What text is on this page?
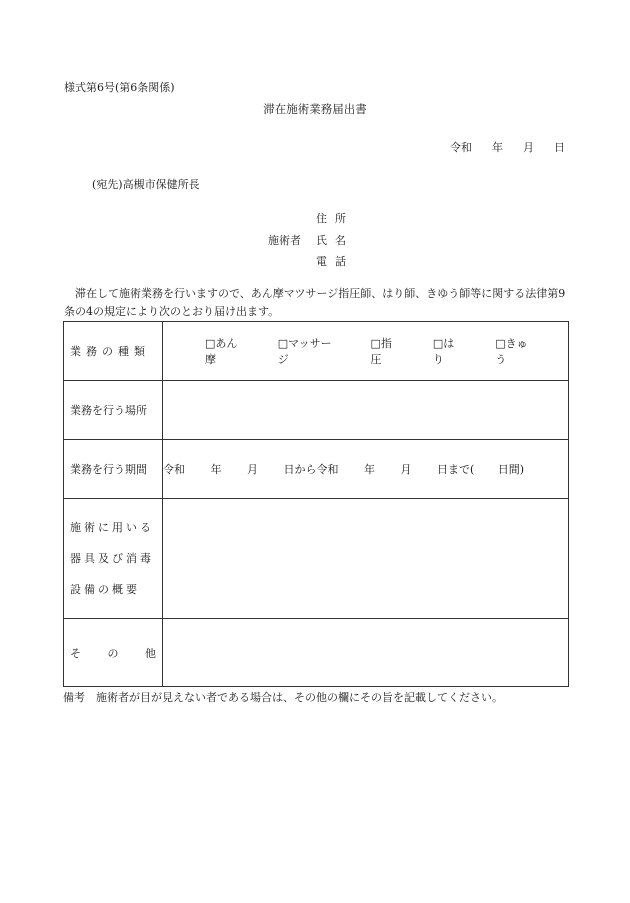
様式第6号(第6条関係)
滞在施術業務届出書
令和 年 月 日
(宛先)高槻市保健所長
施術者
住所
氏名
電話
滞在して施術業務を行いますので、あん摩マツサージ指圧師、はり師、きゆう師等に関する法律第9条の4の規定により次のとおり届け出ます。
業務の種類	□あん摩
□マッサージ
□指圧
□はり
□きゅう

業務を行う場所	
業務を行う期間	令和 年 月 日から令和 年 月 日まで( 日間)

施術に用いる
器具及び消毒
設備の概要	

そ の 他	

備考　施術者が目が見えない者である場合は、その他の欄にその旨を記載してください。
